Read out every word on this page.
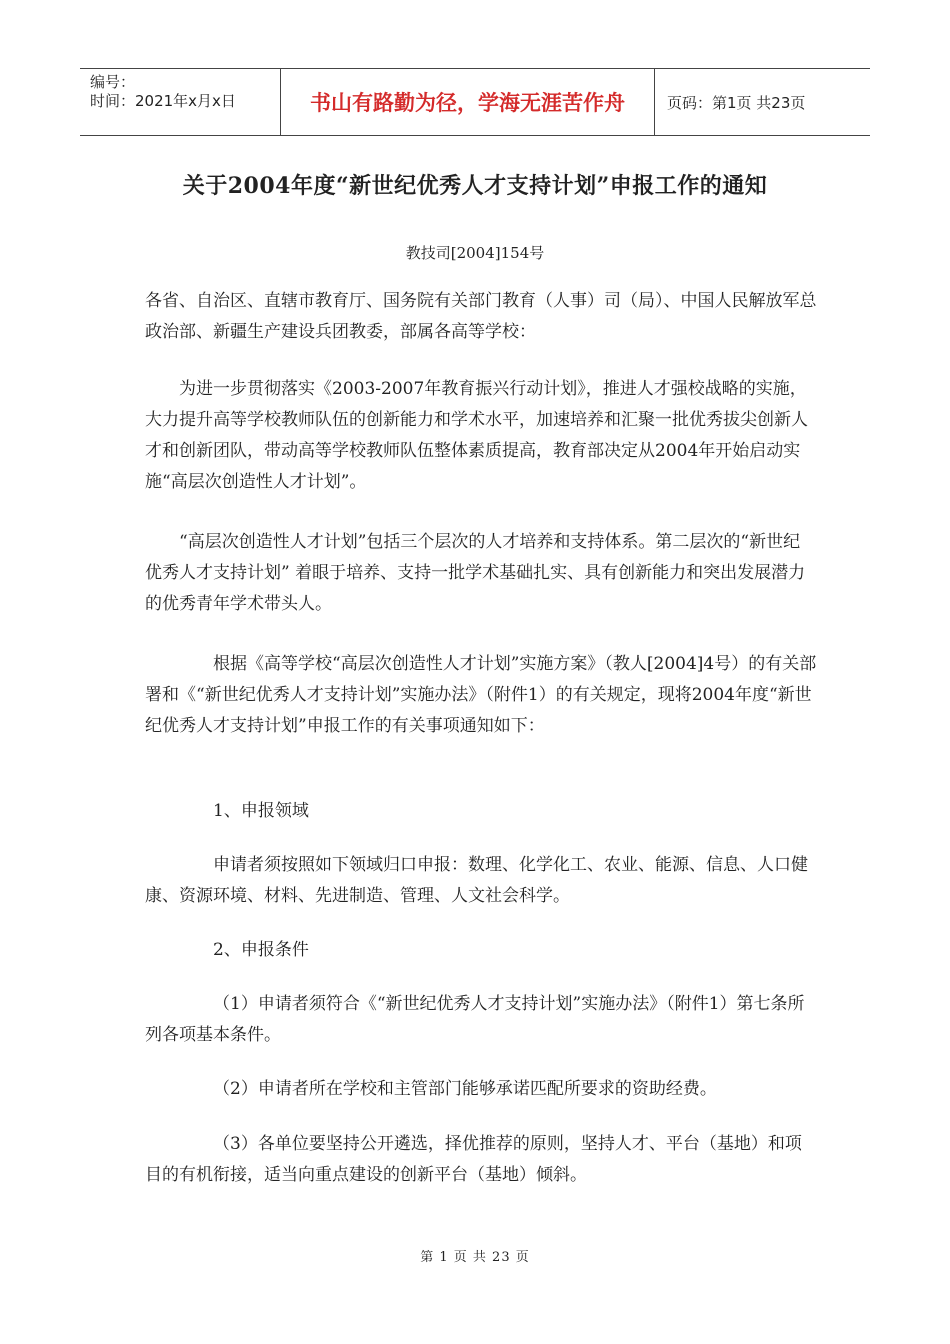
编号：
时间：2021年x月x日	书山有路勤为径，学海无涯苦作舟	页码：第1页 共23页
关于2004年度“新世纪优秀人才支持计划”申报工作的通知
教技司[2004]154号

各省、自治区、直辖市教育厅、国务院有关部门教育（人事）司（局）、中国人民解放军总政治部、新疆生产建设兵团教委，部属各高等学校：

为进一步贯彻落实《2003-2007年教育振兴行动计划》，推进人才强校战略的实施，大力提升高等学校教师队伍的创新能力和学术水平，加速培养和汇聚一批优秀拔尖创新人才和创新团队，带动高等学校教师队伍整体素质提高，教育部决定从2004年开始启动实施“高层次创造性人才计划”。

“高层次创造性人才计划”包括三个层次的人才培养和支持体系。第二层次的“新世纪优秀人才支持计划” 着眼于培养、支持一批学术基础扎实、具有创新能力和突出发展潜力的优秀青年学术带头人。

根据《高等学校“高层次创造性人才计划”实施方案》（教人[2004]4号）的有关部署和《“新世纪优秀人才支持计划”实施办法》（附件1）的有关规定，现将2004年度“新世纪优秀人才支持计划”申报工作的有关事项通知如下：

1、申报领域

申请者须按照如下领域归口申报：数理、化学化工、农业、能源、信息、人口健康、资源环境、材料、先进制造、管理、人文社会科学。

2、申报条件

（1）申请者须符合《“新世纪优秀人才支持计划”实施办法》（附件1）第七条所列各项基本条件。

（2）申请者所在学校和主管部门能够承诺匹配所要求的资助经费。

（3）各单位要坚持公开遴选，择优推荐的原则，坚持人才、平台（基地）和项目的有机衔接，适当向重点建设的创新平台（基地）倾斜。

第 1 页 共 23 页
